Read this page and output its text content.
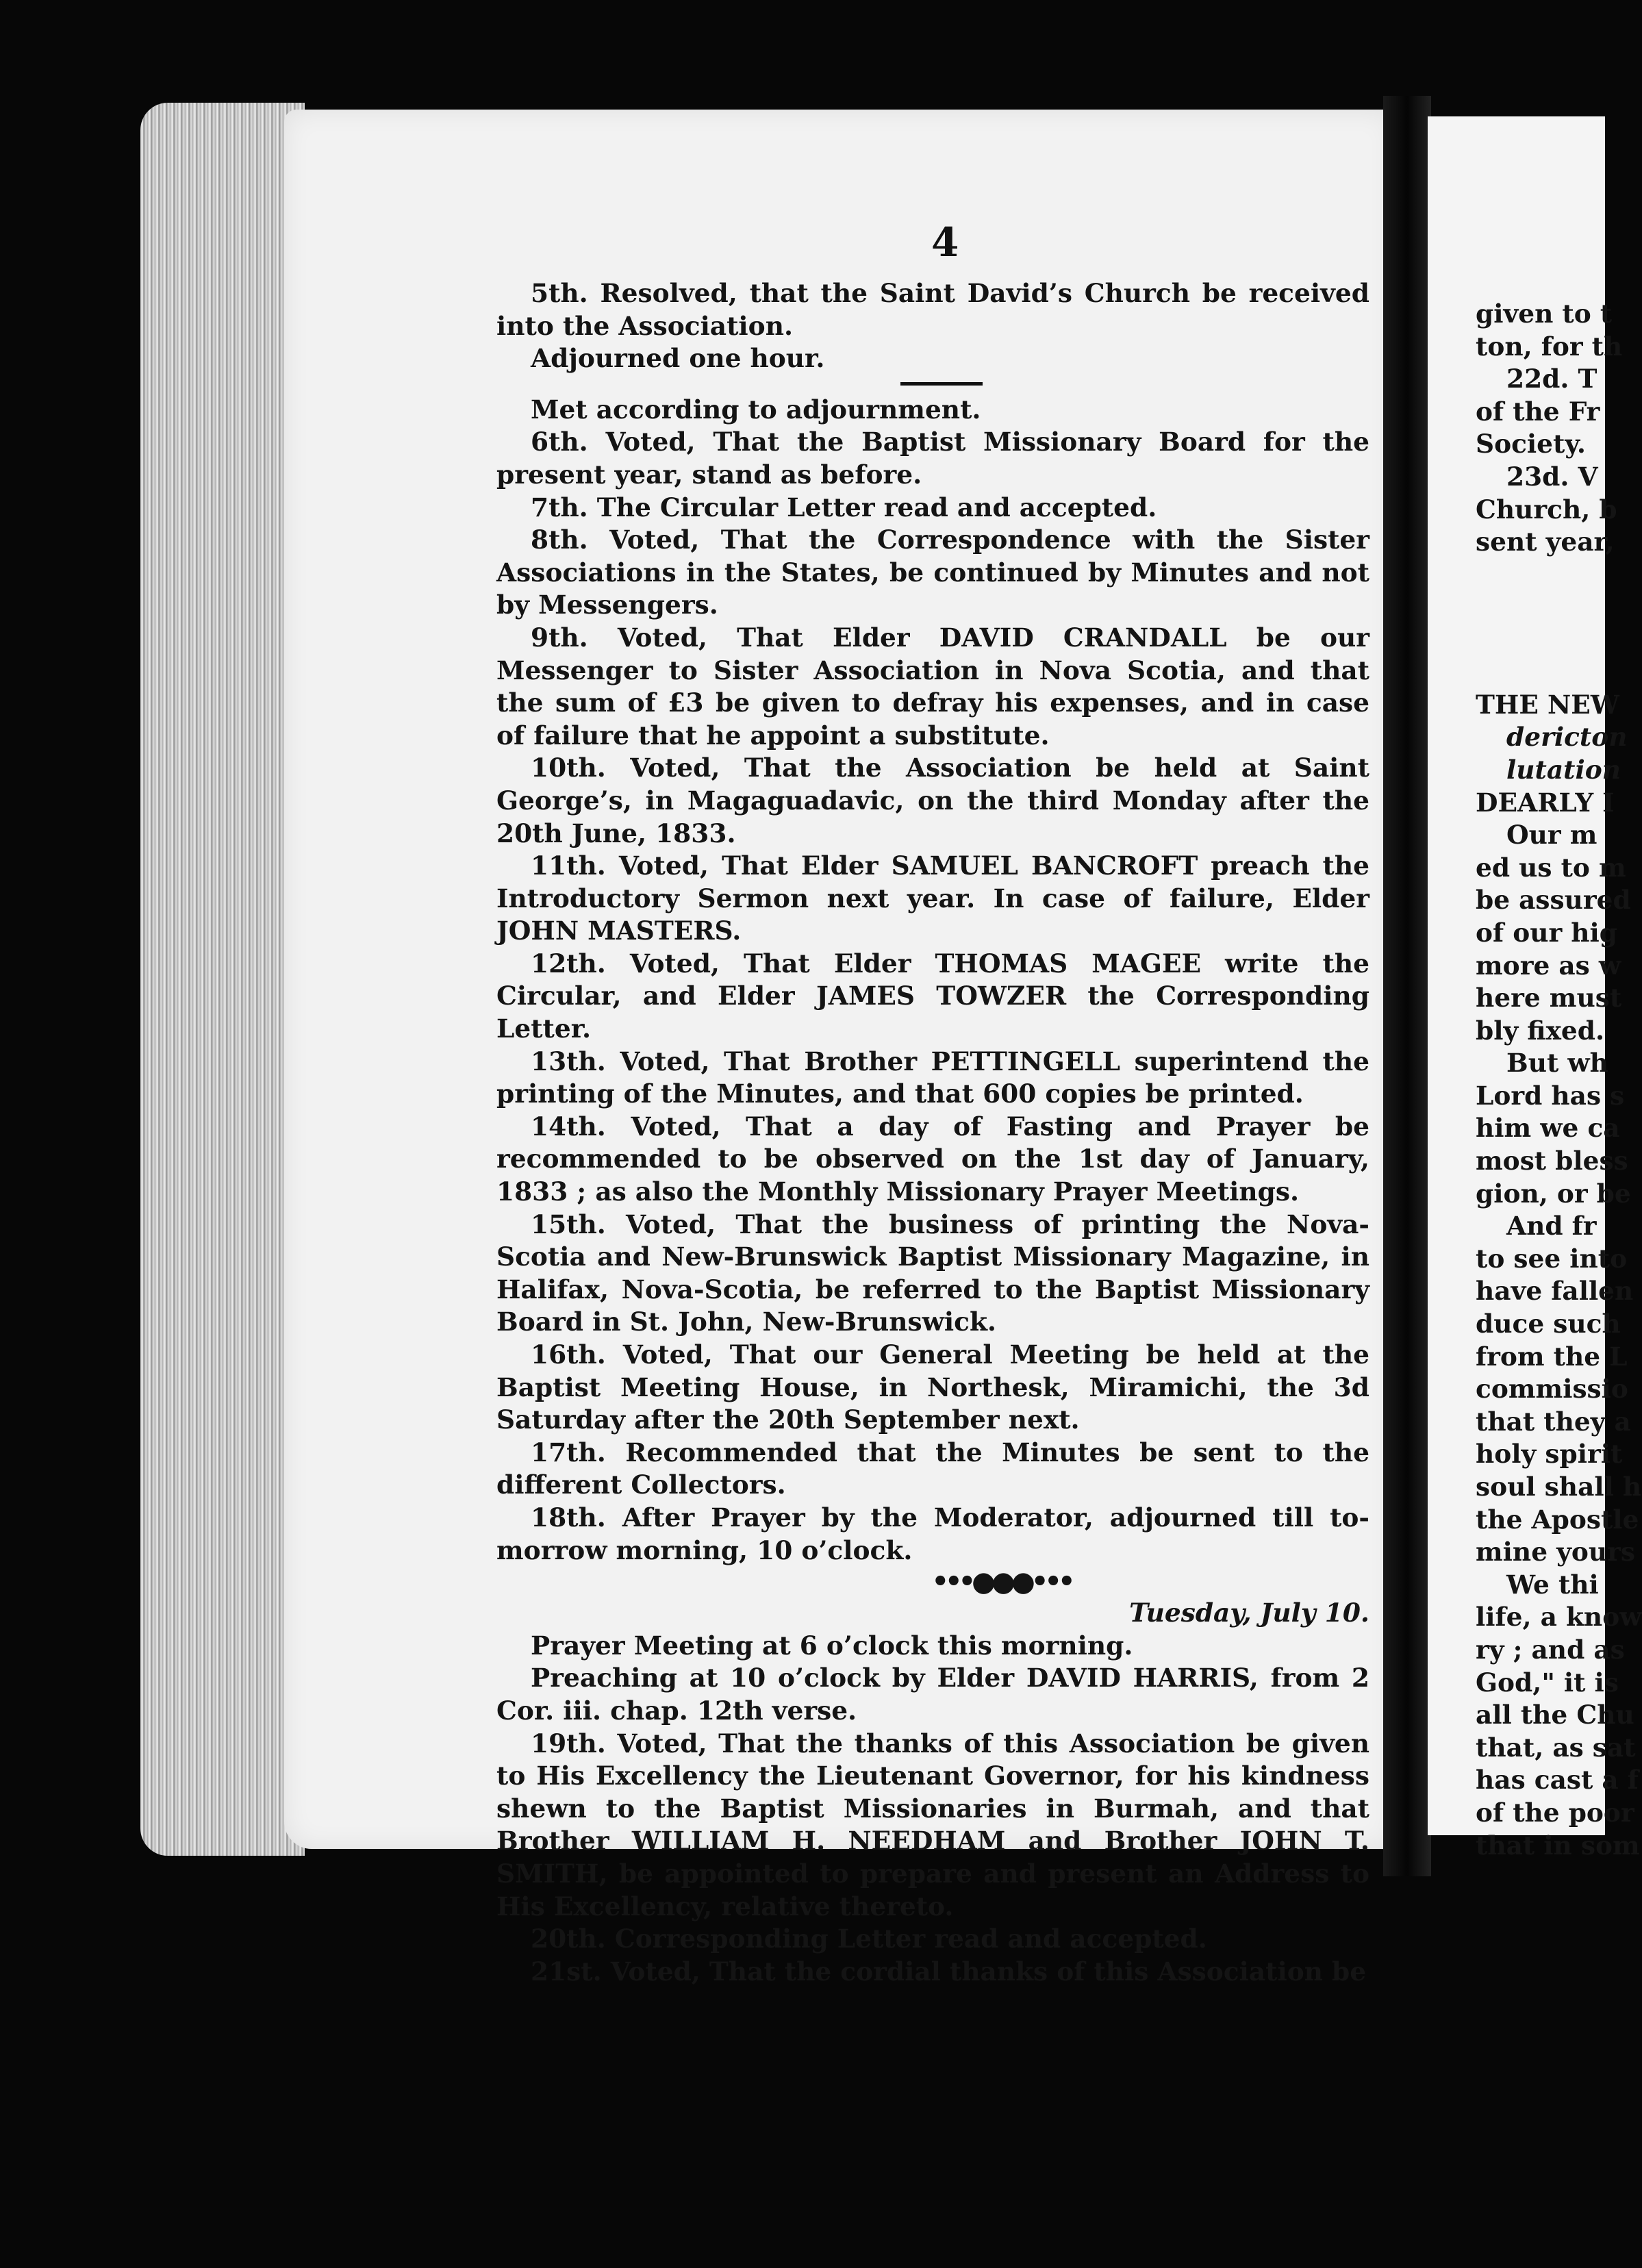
4

5th. Resolved, that the Saint David’s Church be received into the Association.

Adjourned one hour.

Met according to adjournment.

6th. Voted, That the Baptist Missionary Board for the present year, stand as before.

7th. The Circular Letter read and accepted.

8th. Voted, That the Correspondence with the Sister Associations in the States, be continued by Minutes and not by Messengers.

9th. Voted, That Elder DAVID CRANDALL be our Messenger to Sister Association in Nova Scotia, and that the sum of £3 be given to defray his expenses, and in case of failure that he appoint a substitute.

10th. Voted, That the Association be held at Saint George’s, in Magaguadavic, on the third Monday after the 20th June, 1833.

11th. Voted, That Elder SAMUEL BANCROFT preach the Introductory Sermon next year. In case of failure, Elder JOHN MASTERS.

12th. Voted, That Elder THOMAS MAGEE write the Circular, and Elder JAMES TOWZER the Corresponding Letter.

13th. Voted, That Brother PETTINGELL superintend the printing of the Minutes, and that 600 copies be printed.

14th. Voted, That a day of Fasting and Prayer be recommended to be observed on the 1st day of January, 1833 ; as also the Monthly Missionary Prayer Meetings.

15th. Voted, That the business of printing the Nova-Scotia and New-Brunswick Baptist Missionary Magazine, in Halifax, Nova-Scotia, be referred to the Baptist Missionary Board in St. John, New-Brunswick.

16th. Voted, That our General Meeting be held at the Baptist Meeting House, in Northesk, Miramichi, the 3d Saturday after the 20th September next.

17th. Recommended that the Minutes be sent to the different Collectors.

18th. After Prayer by the Moderator, adjourned till to-morrow morning, 10 o’clock.

•••●●●•••

Tuesday, July 10.

Prayer Meeting at 6 o’clock this morning.

Preaching at 10 o’clock by Elder DAVID HARRIS, from 2 Cor. iii. chap. 12th verse.

19th. Voted, That the thanks of this Association be given to His Excellency the Lieutenant Governor, for his kindness shewn to the Baptist Missionaries in Burmah, and that Brother WILLIAM H. NEEDHAM and Brother JOHN T. SMITH, be appointed to prepare and present an Address to His Excellency, relative thereto.

20th. Corresponding Letter read and accepted.

21st. Voted, That the cordial thanks of this Association be

given to t

ton, for th

22d. T

of the Fr

Society.

23d. V

Church, b

sent year,

THE NEW

dericton

lutation

DEARLY I

Our m

ed us to m

be assured

of our hig

more as w

here must

bly fixed.

But wh

Lord has s

him we ca

most bless

gion, or be

And fr

to see into

have fallen

duce such

from the L

commissio

that they a

holy spirit

soul shall h

the Apostle

mine yours

We thi

life, a know

ry ; and as

God," it is

all the Chu

that, as sat

has cast a f

of the poor

that in som
